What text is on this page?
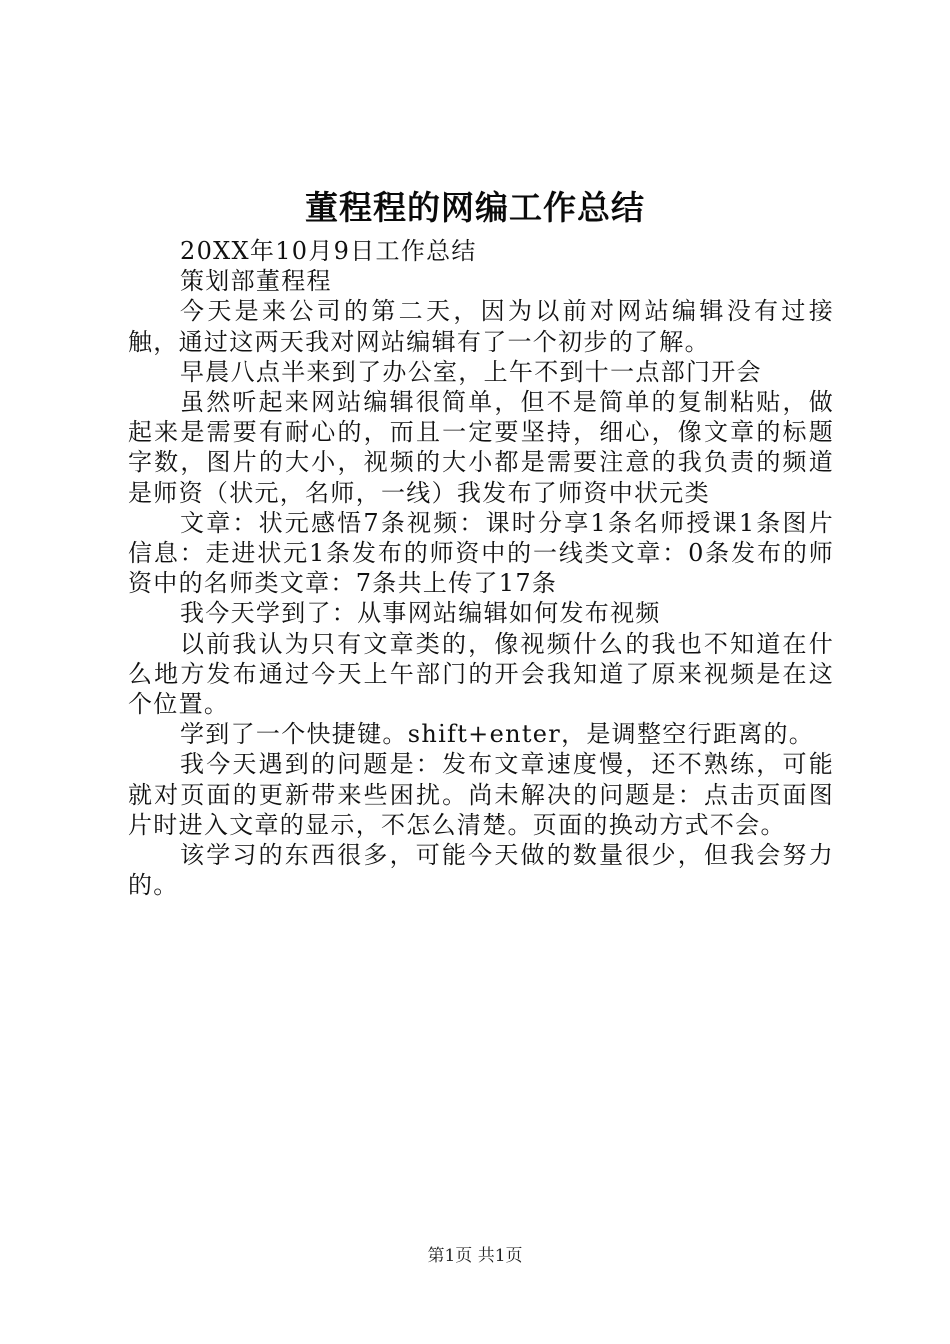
董程程的网编工作总结

20XX年10月9日工作总结

策划部董程程

今天是来公司的第二天，因为以前对网站编辑没有过接触，通过这两天我对网站编辑有了一个初步的了解。

早晨八点半来到了办公室，上午不到十一点部门开会

虽然听起来网站编辑很简单，但不是简单的复制粘贴，做起来是需要有耐心的，而且一定要坚持，细心，像文章的标题字数，图片的大小，视频的大小都是需要注意的我负责的频道是师资（状元，名师，一线）我发布了师资中状元类

文章：状元感悟7条视频：课时分享1条名师授课1条图片信息：走进状元1条发布的师资中的一线类文章：0条发布的师资中的名师类文章：7条共上传了17条

我今天学到了：从事网站编辑如何发布视频

以前我认为只有文章类的，像视频什么的我也不知道在什么地方发布通过今天上午部门的开会我知道了原来视频是在这个位置。

学到了一个快捷键。shift+enter，是调整空行距离的。

我今天遇到的问题是：发布文章速度慢，还不熟练，可能就对页面的更新带来些困扰。尚未解决的问题是：点击页面图片时进入文章的显示，不怎么清楚。页面的换动方式不会。

该学习的东西很多，可能今天做的数量很少，但我会努力的。

第1页 共1页
